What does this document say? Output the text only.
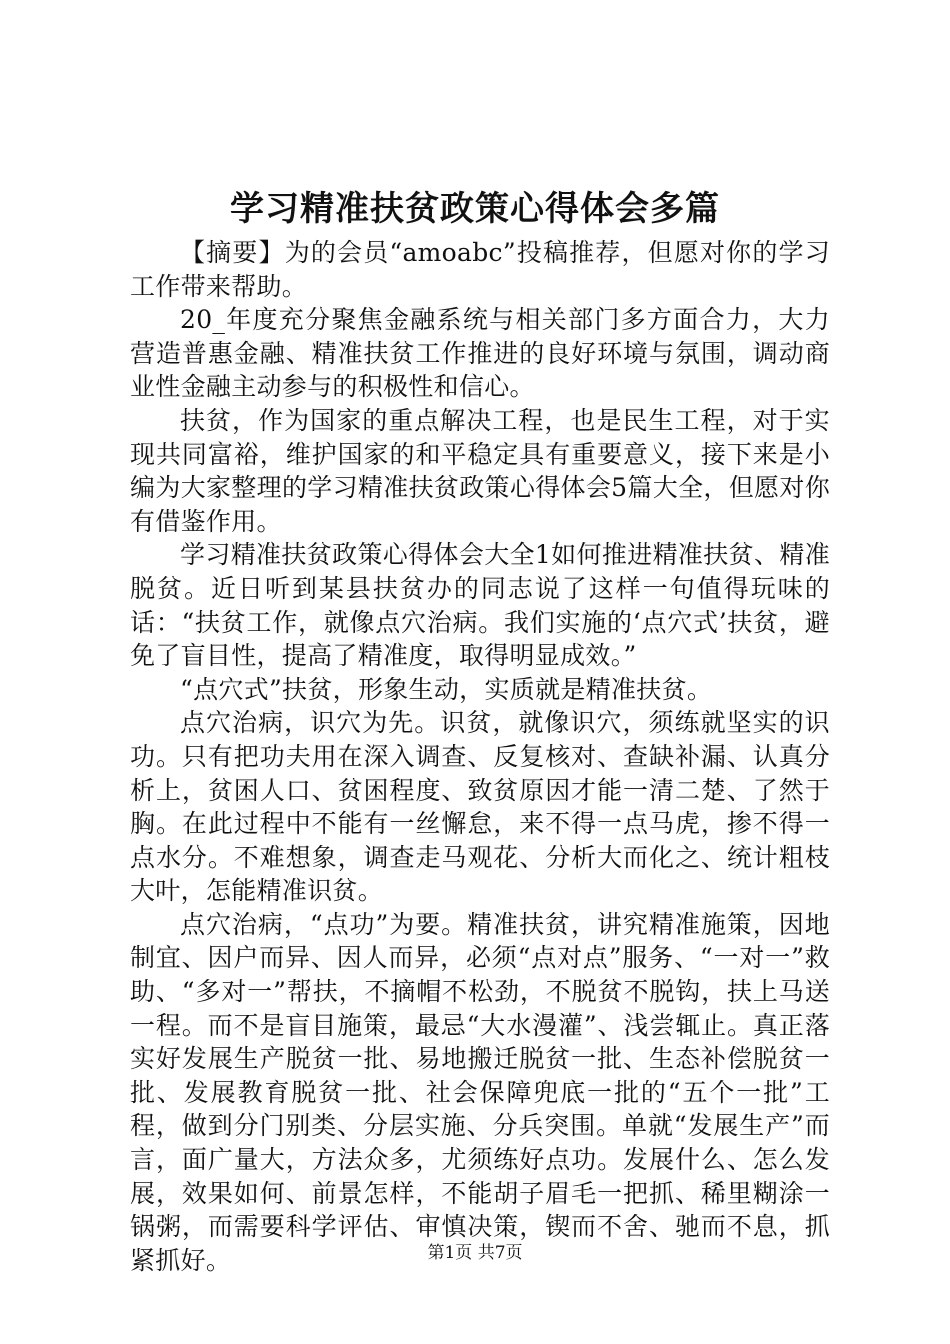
学习精准扶贫政策心得体会多篇

【摘要】为的会员“amoabc”投稿推荐，但愿对你的学习工作带来帮助。

20_年度充分聚焦金融系统与相关部门多方面合力，大力营造普惠金融、精准扶贫工作推进的良好环境与氛围，调动商业性金融主动参与的积极性和信心。

扶贫，作为国家的重点解决工程，也是民生工程，对于实现共同富裕，维护国家的和平稳定具有重要意义，接下来是小编为大家整理的学习精准扶贫政策心得体会5篇大全，但愿对你有借鉴作用。

学习精准扶贫政策心得体会大全1如何推进精准扶贫、精准脱贫。近日听到某县扶贫办的同志说了这样一句值得玩味的话：“扶贫工作，就像点穴治病。我们实施的‘点穴式’扶贫，避免了盲目性，提高了精准度，取得明显成效。”

“点穴式”扶贫，形象生动，实质就是精准扶贫。

点穴治病，识穴为先。识贫，就像识穴，须练就坚实的识功。只有把功夫用在深入调查、反复核对、查缺补漏、认真分析上，贫困人口、贫困程度、致贫原因才能一清二楚、了然于胸。在此过程中不能有一丝懈怠，来不得一点马虎，掺不得一点水分。不难想象，调查走马观花、分析大而化之、统计粗枝大叶，怎能精准识贫。

点穴治病，“点功”为要。精准扶贫，讲究精准施策，因地制宜、因户而异、因人而异，必须“点对点”服务、“一对一”救助、“多对一”帮扶，不摘帽不松劲，不脱贫不脱钩，扶上马送一程。而不是盲目施策，最忌“大水漫灌”、浅尝辄止。真正落实好发展生产脱贫一批、易地搬迁脱贫一批、生态补偿脱贫一批、发展教育脱贫一批、社会保障兜底一批的“五个一批”工程，做到分门别类、分层实施、分兵突围。单就“发展生产”而言，面广量大，方法众多，尤须练好点功。发展什么、怎么发展，效果如何、前景怎样，不能胡子眉毛一把抓、稀里糊涂一锅粥，而需要科学评估、审慎决策，锲而不舍、驰而不息，抓紧抓好。	第1页 共7页
